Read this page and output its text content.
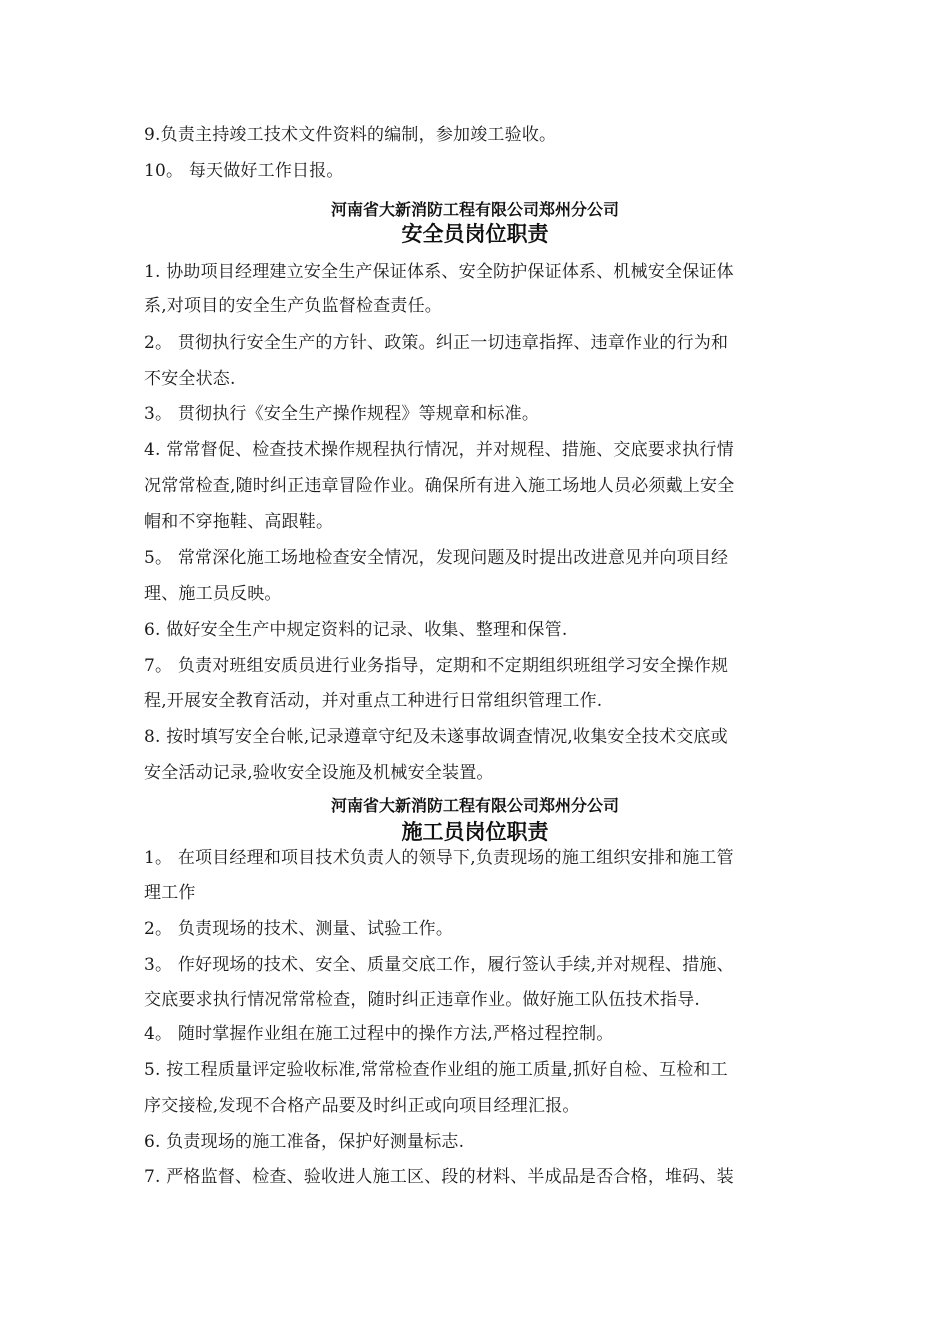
9.负责主持竣工技术文件资料的编制，参加竣工验收。
10。 每天做好工作日报。
河南省大新消防工程有限公司郑州分公司
安全员岗位职责
1. 协助项目经理建立安全生产保证体系、安全防护保证体系、机械安全保证体
系,对项目的安全生产负监督检查责任。
2。 贯彻执行安全生产的方针、政策。纠正一切违章指挥、违章作业的行为和
不安全状态.
3。 贯彻执行《安全生产操作规程》等规章和标准。
4. 常常督促、检查技术操作规程执行情况，并对规程、措施、交底要求执行情
况常常检查,随时纠正违章冒险作业。确保所有进入施工场地人员必须戴上安全
帽和不穿拖鞋、高跟鞋。
5。 常常深化施工场地检查安全情况，发现问题及时提出改进意见并向项目经
理、施工员反映。
6. 做好安全生产中规定资料的记录、收集、整理和保管.
7。 负责对班组安质员进行业务指导，定期和不定期组织班组学习安全操作规
程,开展安全教育活动，并对重点工种进行日常组织管理工作.
8. 按时填写安全台帐,记录遵章守纪及未遂事故调查情况,收集安全技术交底或
安全活动记录,验收安全设施及机械安全装置。
河南省大新消防工程有限公司郑州分公司
施工员岗位职责
1。 在项目经理和项目技术负责人的领导下,负责现场的施工组织安排和施工管
理工作
2。 负责现场的技术、测量、试验工作。
3。 作好现场的技术、安全、质量交底工作，履行签认手续,并对规程、措施、
交底要求执行情况常常检查，随时纠正违章作业。做好施工队伍技术指导.
4。 随时掌握作业组在施工过程中的操作方法,严格过程控制。
5. 按工程质量评定验收标准,常常检查作业组的施工质量,抓好自检、互检和工
序交接检,发现不合格产品要及时纠正或向项目经理汇报。
6. 负责现场的施工准备，保护好测量标志.
7. 严格监督、检查、验收进人施工区、段的材料、半成品是否合格，堆码、装
